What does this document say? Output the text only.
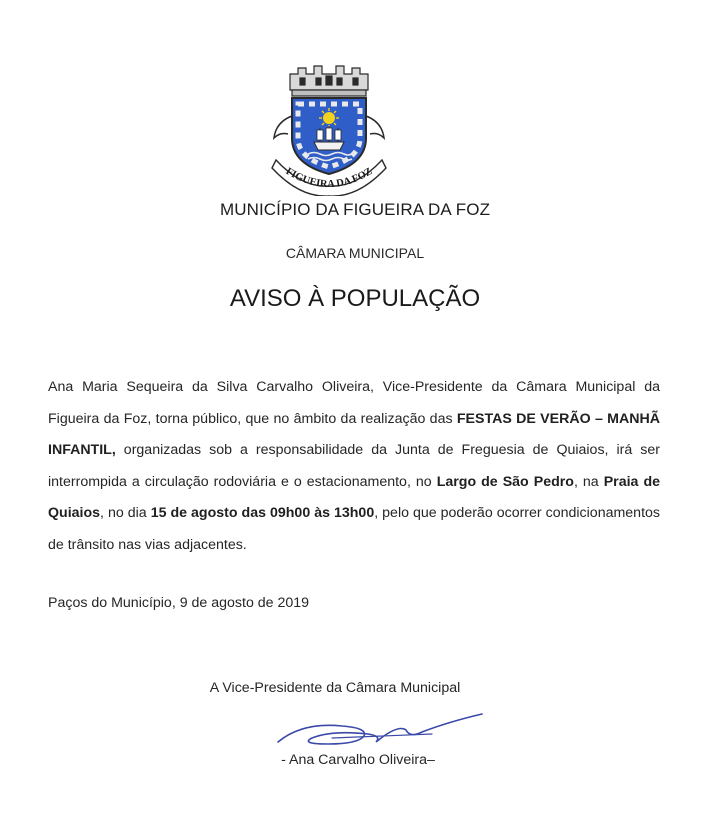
FIGUEIRA DA FOZ
MUNICÍPIO DA FIGUEIRA DA FOZ
CÂMARA MUNICIPAL
AVISO À POPULAÇÃO

Ana Maria Sequeira da Silva Carvalho Oliveira, Vice-Presidente da Câmara Municipal da Figueira da Foz, torna público, que no âmbito da realização das FESTAS DE VERÃO – MANHÃ INFANTIL, organizadas sob a responsabilidade da Junta de Freguesia de Quiaios, irá ser interrompida a circulação rodoviária e o estacionamento, no Largo de São Pedro, na Praia de Quiaios, no dia 15 de agosto das 09h00 às 13h00, pelo que poderão ocorrer condicionamentos de trânsito nas vias adjacentes.

Paços do Município, 9 de agosto de 2019

A Vice-Presidente da Câmara Municipal

- Ana Carvalho Oliveira–
